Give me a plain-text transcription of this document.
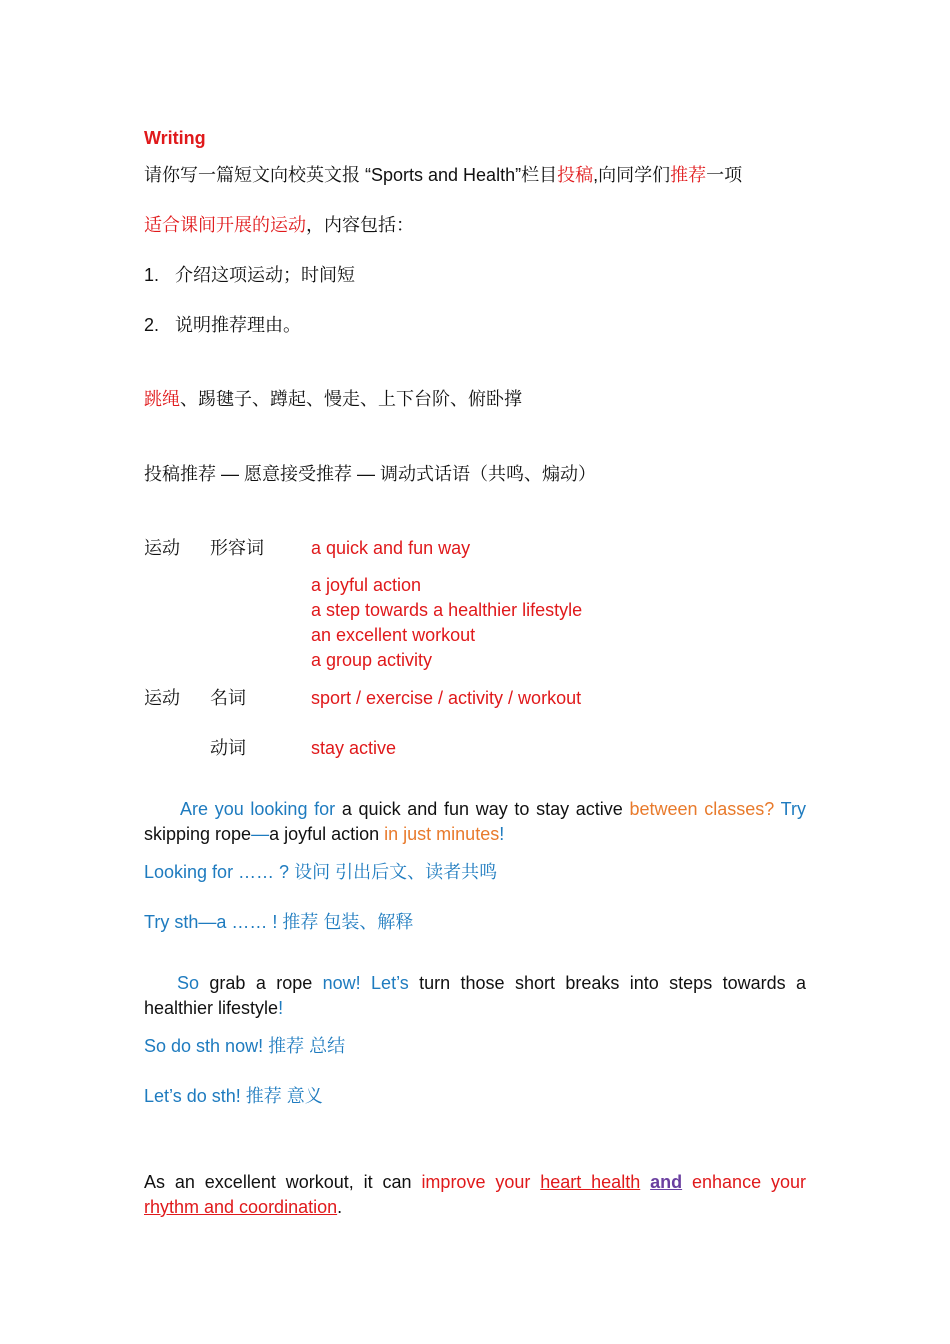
Writing
请你写一篇短文向校英文报 “Sports and Health”栏目投稿,向同学们推荐一项
适合课间开展的运动，内容包括：
1. 介绍这项运动；时间短
2. 说明推荐理由。
跳绳、踢毽子、蹲起、慢走、上下台阶、俯卧撑
投稿推荐 — 愿意接受推荐 — 调动式话语（共鸣、煽动）
运动 形容词	a quick and fun way
a joyful action
a step towards a healthier lifestyle
an excellent workout
a group activity
运动 名词	sport / exercise / activity / workout
动词	stay active
Are you looking for a quick and fun way to stay active between classes? Try skipping rope—a joyful action in just minutes!
Looking for …… ? 设问 引出后文、读者共鸣
Try sth—a …… ! 推荐 包装、解释
So grab a rope now! Let’s turn those short breaks into steps towards a healthier lifestyle!
So do sth now! 推荐 总结
Let’s do sth! 推荐 意义
As an excellent workout, it can improve your heart health and enhance your rhythm and coordination.
